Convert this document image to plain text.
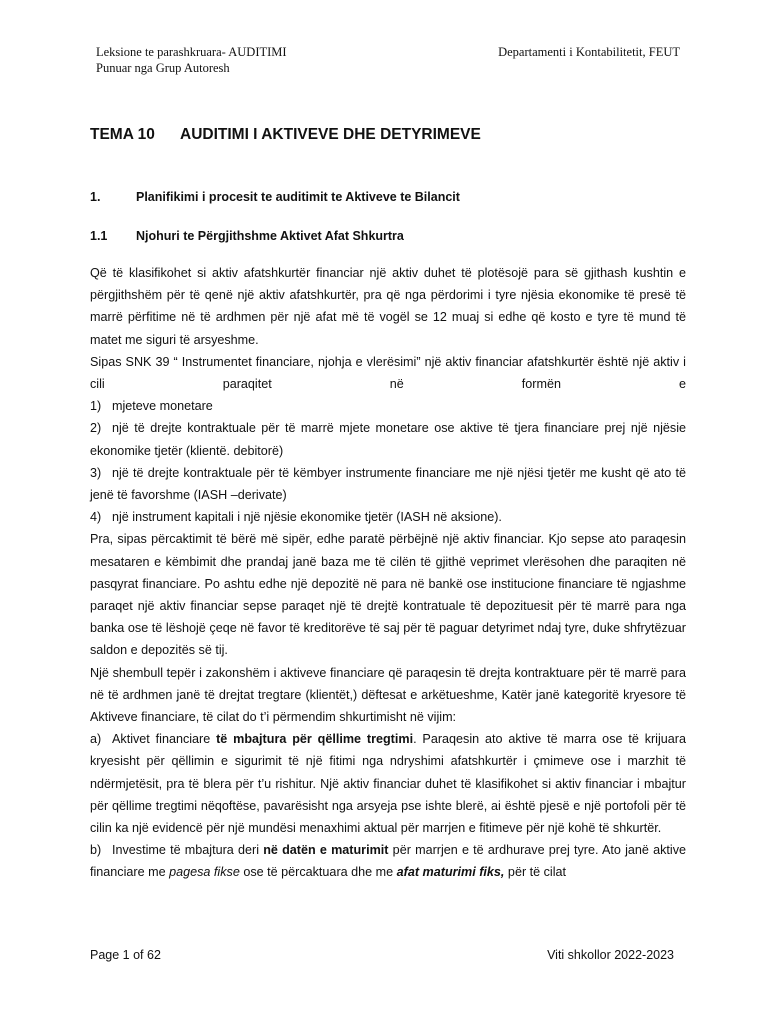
Leksione te parashkruara- AUDITIMI
Punuar nga Grup Autoresh
Departamenti i Kontabilitetit, FEUT
TEMA 10 AUDITIMI I AKTIVEVE DHE DETYRIMEVE
1.	Planifikimi i procesit te auditimit te Aktiveve te Bilancit
1.1 Njohuri te Përgjithshme Aktivet Afat Shkurtra

Që të klasifikohet si aktiv afatshkurtër financiar një aktiv duhet të plotësojë para së gjithash kushtin e përgjithshëm për të qenë një aktiv afatshkurtër, pra që nga përdorimi i tyre njësia ekonomike të presë të marrë përfitime në të ardhmen për një afat më të vogël se 12 muaj si edhe që kosto e tyre të mund të matet me siguri të arsyeshme.

Sipas SNK 39 “ Instrumentet financiare, njohja e vlerësimi” një aktiv financiar afatshkurtër është një aktiv i cili paraqitet në formën e

1) mjeteve monetare

2) një të drejte kontraktuale për të marrë mjete monetare ose aktive të tjera financiare prej një njësie ekonomike tjetër (klientë. debitorë)

3) një të drejte kontraktuale për të këmbyer instrumente financiare me një njësi tjetër me kusht që ato të jenë të favorshme (IASH –derivate)

4) një instrument kapitali i një njësie ekonomike tjetër (IASH në aksione).

Pra, sipas përcaktimit të bërë më sipër, edhe paratë përbëjnë një aktiv financiar. Kjo sepse ato paraqesin mesataren e këmbimit dhe prandaj janë baza me të cilën të gjithë veprimet vlerësohen dhe paraqiten në pasqyrat financiare. Po ashtu edhe një depozitë në para në bankë ose institucione financiare të ngjashme paraqet një aktiv financiar sepse paraqet një të drejtë kontratuale të depozituesit për të marrë para nga banka ose të lëshojë çeqe në favor të kreditorëve të saj për të paguar detyrimet ndaj tyre, duke shfrytëzuar saldon e depozitës së tij.

Një shembull tepër i zakonshëm i aktiveve financiare që paraqesin të drejta kontraktuare për të marrë para në të ardhmen janë të drejtat tregtare (klientët,) dëftesat e arkëtueshme, Katër janë kategoritë kryesore të Aktiveve financiare, të cilat do t’i përmendim shkurtimisht në vijim:

a) Aktivet financiare të mbajtura për qëllime tregtimi. Paraqesin ato aktive të marra ose të krijuara kryesisht për qëllimin e sigurimit të një fitimi nga ndryshimi afatshkurtër i çmimeve ose i marzhit të ndërmjetësit, pra të blera për t’u rishitur. Një aktiv financiar duhet të klasifikohet si aktiv financiar i mbajtur për qëllime tregtimi nëqoftëse, pavarësisht nga arsyeja pse ishte blerë, ai është pjesë e një portofoli për të cilin ka një evidencë për një mundësi menaxhimi aktual për marrjen e fitimeve për një kohë të shkurtër.

b) Investime të mbajtura deri në datën e maturimit për marrjen e të ardhurave prej tyre. Ato janë aktive financiare me pagesa fikse ose të përcaktuara dhe me afat maturimi fiks, për të cilat

Page 1 of 62	Viti shkollor 2022-2023
